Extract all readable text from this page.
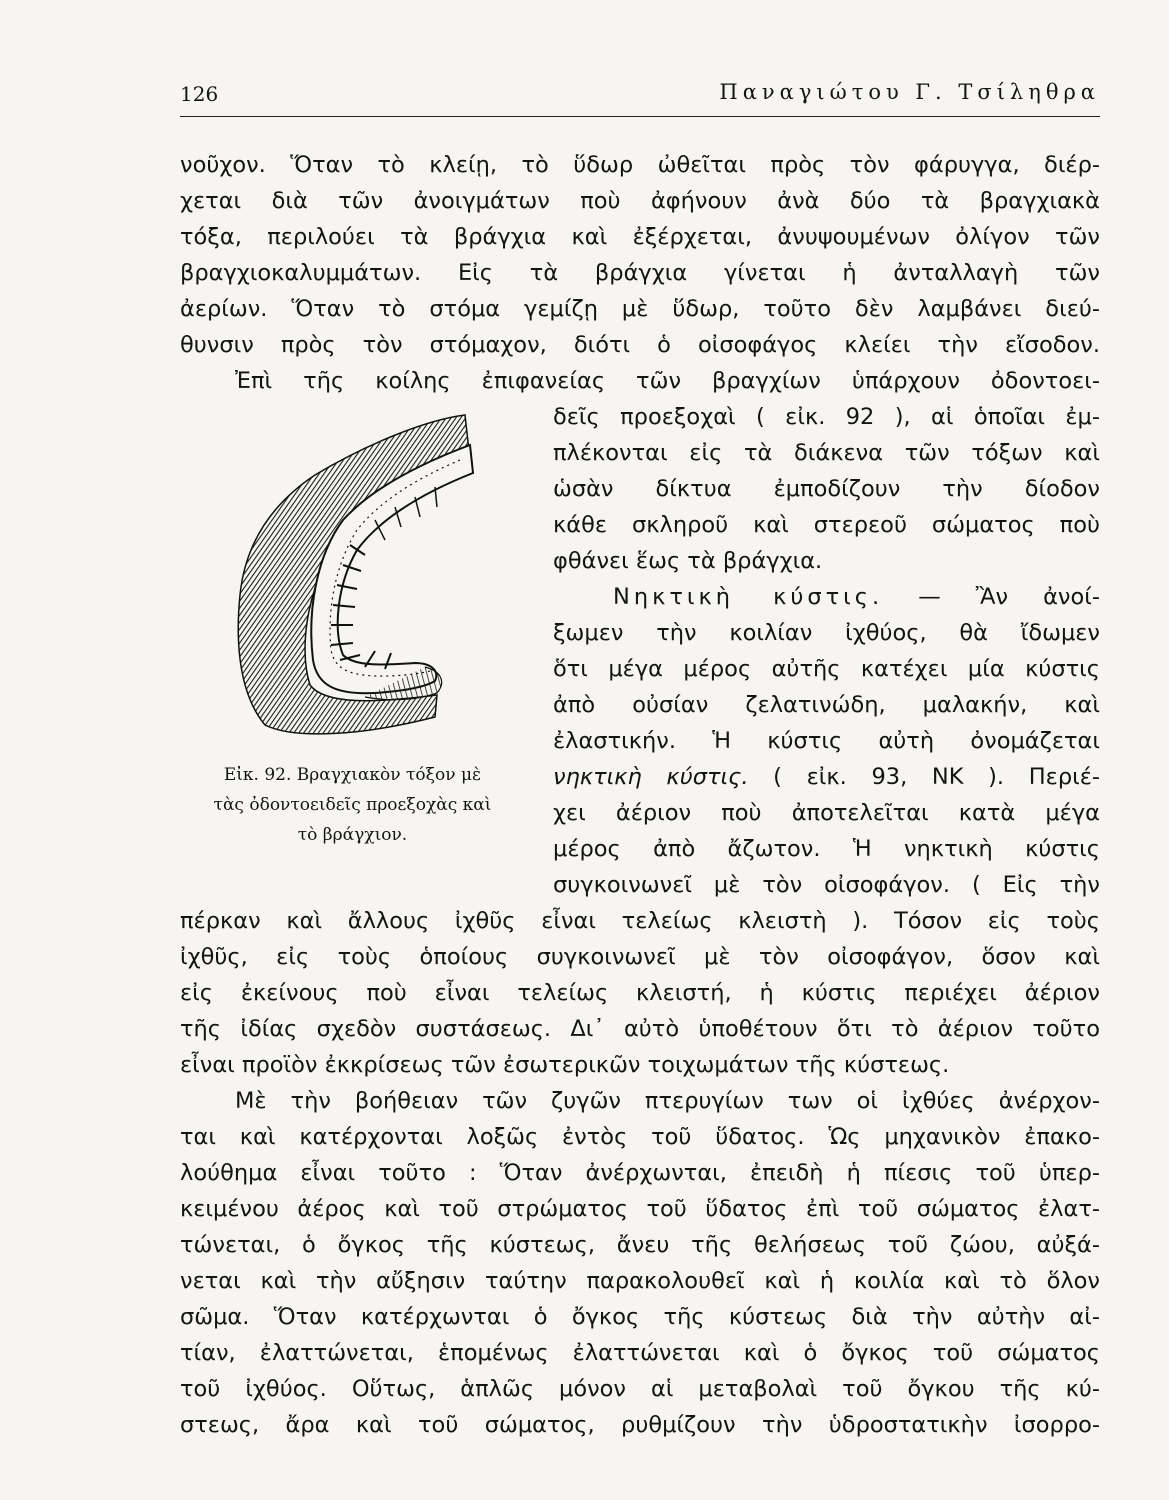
126	Παναγιώτου Γ. Τσίληθρα
νοῦχον. Ὅταν τὸ κλείῃ, τὸ ὕδωρ ὠθεῖται πρὸς τὸν φάρυγγα, διέρ-
χεται διὰ τῶν ἀνοιγμάτων ποὺ ἀφήνουν ἀνὰ δύο τὰ βραγχιακὰ
τόξα, περιλούει τὰ βράγχια καὶ ἐξέρχεται, ἀνυψουμένων ὀλίγον τῶν
βραγχιοκαλυμμάτων. Εἰς τὰ βράγχια γίνεται ἡ ἀνταλλαγὴ τῶν
ἀερίων. Ὅταν τὸ στόμα γεμίζῃ μὲ ὕδωρ, τοῦτο δὲν λαμβάνει διεύ-
θυνσιν πρὸς τὸν στόμαχον, διότι ὁ οἰσοφάγος κλείει τὴν εἴσοδον.
Ἐπὶ τῆς κοίλης ἐπιφανείας τῶν βραγχίων ὑπάρχουν ὀδοντοει-
δεῖς προεξοχαὶ ( εἰκ. 92 ), αἱ ὁποῖαι ἐμ-
πλέκονται εἰς τὰ διάκενα τῶν τόξων καὶ
ὡσὰν δίκτυα ἐμποδίζουν τὴν δίοδον
κάθε σκληροῦ καὶ στερεοῦ σώματος ποὺ
φθάνει ἕως τὰ βράγχια.
Νηκτικὴ κύστις. — Ἂν ἀνοί-
ξωμεν τὴν κοιλίαν ἰχθύος, θὰ ἴδωμεν
ὅτι μέγα μέρος αὐτῆς κατέχει μία κύστις
ἀπὸ οὐσίαν ζελατινώδη, μαλακήν, καὶ
ἐλαστικήν. Ἡ κύστις αὐτὴ ὀνομάζεται
νηκτικὴ κύστις. ( εἰκ. 93, ΝΚ ). Περιέ-
χει ἀέριον ποὺ ἀποτελεῖται κατὰ μέγα
μέρος ἀπὸ ἄζωτον. Ἡ νηκτικὴ κύστις
συγκοινωνεῖ μὲ τὸν οἰσοφάγον. ( Εἰς τὴν
πέρκαν καὶ ἄλλους ἰχθῦς εἶναι τελείως κλειστὴ ). Τόσον εἰς τοὺς
ἰχθῦς, εἰς τοὺς ὁποίους συγκοινωνεῖ μὲ τὸν οἰσοφάγον, ὅσον καὶ
εἰς ἐκείνους ποὺ εἶναι τελείως κλειστή, ἡ κύστις περιέχει ἀέριον
τῆς ἰδίας σχεδὸν συστάσεως. Δι᾽ αὐτὸ ὑποθέτουν ὅτι τὸ ἀέριον τοῦτο
εἶναι προϊὸν ἐκκρίσεως τῶν ἐσωτερικῶν τοιχωμάτων τῆς κύστεως.
Μὲ τὴν βοήθειαν τῶν ζυγῶν πτερυγίων των οἱ ἰχθύες ἀνέρχον-
ται καὶ κατέρχονται λοξῶς ἐντὸς τοῦ ὕδατος. Ὡς μηχανικὸν ἐπακο-
λούθημα εἶναι τοῦτο : Ὅταν ἀνέρχωνται, ἐπειδὴ ἡ πίεσις τοῦ ὑπερ-
κειμένου ἀέρος καὶ τοῦ στρώματος τοῦ ὕδατος ἐπὶ τοῦ σώματος ἐλατ-
τώνεται, ὁ ὄγκος τῆς κύστεως, ἄνευ τῆς θελήσεως τοῦ ζώου, αὐξά-
νεται καὶ τὴν αὔξησιν ταύτην παρακολουθεῖ καὶ ἡ κοιλία καὶ τὸ ὅλον
σῶμα. Ὅταν κατέρχωνται ὁ ὄγκος τῆς κύστεως διὰ τὴν αὐτὴν αἰ-
τίαν, ἐλαττώνεται, ἑπομένως ἐλαττώνεται καὶ ὁ ὄγκος τοῦ σώματος
τοῦ ἰχθύος. Οὕτως, ἁπλῶς μόνον αἱ μεταβολαὶ τοῦ ὄγκου τῆς κύ-
στεως, ἄρα καὶ τοῦ σώματος, ρυθμίζουν τὴν ὑδροστατικὴν ἰσορρο-
Εἰκ. 92. Βραγχιακὸν τόξον μὲ
τὰς ὀδοντοειδεῖς προεξοχὰς καὶ
τὸ βράγχιον.
